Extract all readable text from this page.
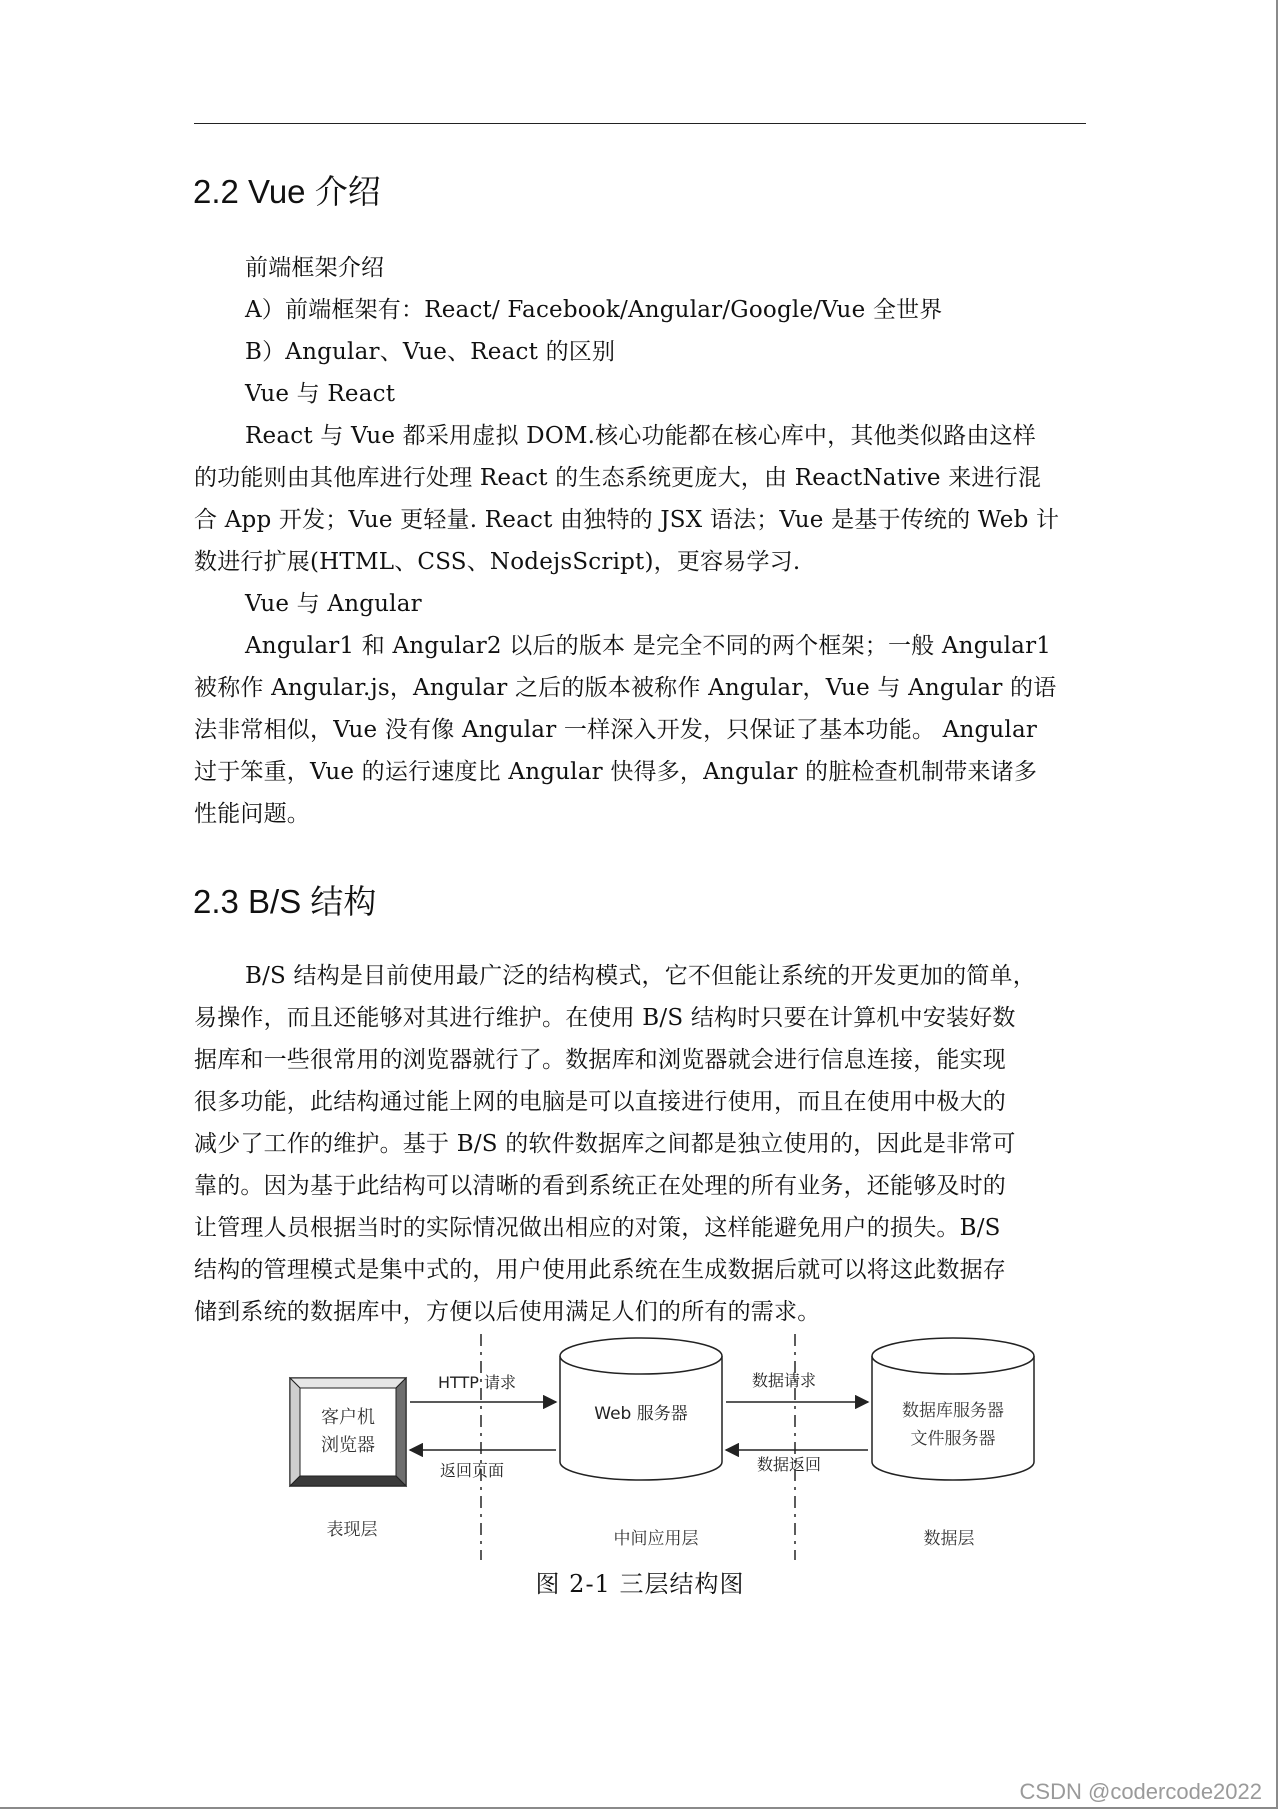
2.2 Vue 介绍

前端框架介绍

A）前端框架有：React/ Facebook/Angular/Google/Vue 全世界

B）Angular、Vue、React 的区别

Vue 与 React

React 与 Vue 都采用虚拟 DOM.核心功能都在核心库中，其他类似路由这样

的功能则由其他库进行处理 React 的生态系统更庞大，由 ReactNative 来进行混

合 App 开发；Vue 更轻量. React 由独特的 JSX 语法；Vue 是基于传统的 Web 计

数进行扩展(HTML、CSS、NodejsScript)，更容易学习.

Vue 与 Angular

Angular1 和 Angular2 以后的版本 是完全不同的两个框架；一般 Angular1

被称作 Angular.js，Angular 之后的版本被称作 Angular，Vue 与 Angular 的语

法非常相似，Vue 没有像 Angular 一样深入开发，只保证了基本功能。 Angular

过于笨重，Vue 的运行速度比 Angular 快得多，Angular 的脏检查机制带来诸多

性能问题。

2.3 B/S 结构

B/S 结构是目前使用最广泛的结构模式，它不但能让系统的开发更加的简单，

易操作，而且还能够对其进行维护。在使用 B/S 结构时只要在计算机中安装好数

据库和一些很常用的浏览器就行了。数据库和浏览器就会进行信息连接，能实现

很多功能，此结构通过能上网的电脑是可以直接进行使用，而且在使用中极大的

减少了工作的维护。基于 B/S 的软件数据库之间都是独立使用的，因此是非常可

靠的。因为基于此结构可以清晰的看到系统正在处理的所有业务，还能够及时的

让管理人员根据当时的实际情况做出相应的对策，这样能避免用户的损失。B/S

结构的管理模式是集中式的，用户使用此系统在生成数据后就可以将这此数据存

储到系统的数据库中，方便以后使用满足人们的所有的需求。

客户机
浏览器
Web 服务器	数据库服务器
文件服务器
HTTP 请求
返回页面
数据请求
数据返回
表现层	中间应用层	数据层

图 2-1 三层结构图

CSDN @codercode2022
